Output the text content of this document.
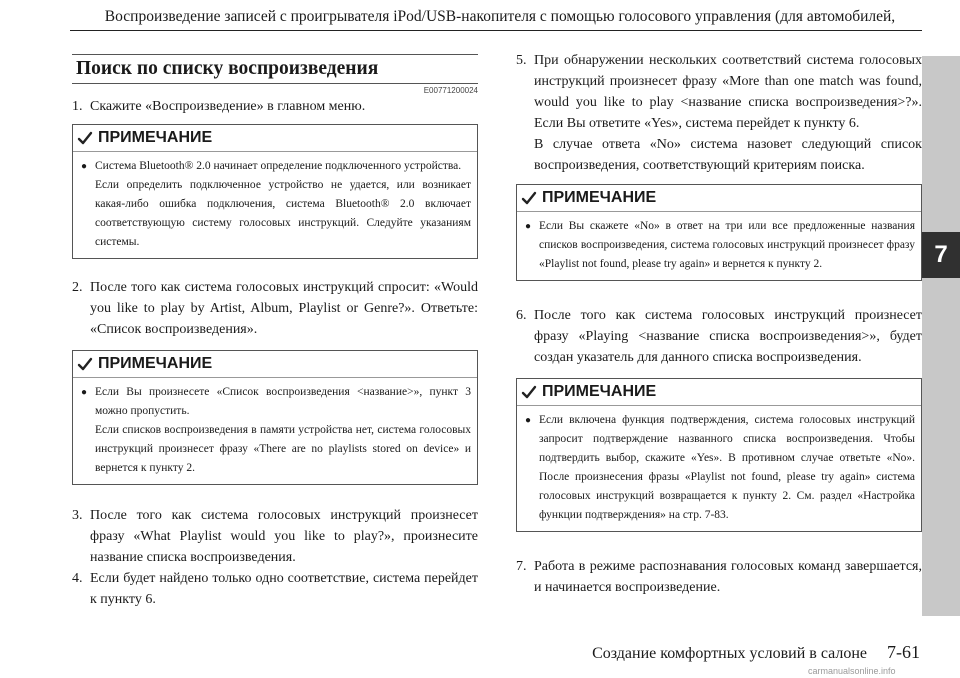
Воспроизведение записей с проигрывателя iPod/USB-накопителя с помощью голосового управления (для автомобилей,
7
Поиск по списку воспроизведения
E00771200024
1. Скажите «Воспроизведение» в главном меню.
ПРИМЕЧАНИЕ
● Система Bluetooth® 2.0 начинает определение подключенного устройства.
Если определить подключенное устройство не удается, или возникает какая-либо ошибка подключения, система Bluetooth® 2.0 включает соответствующую систему голосовых инструкций. Следуйте указаниям системы.
2. После того как система голосовых инструкций спросит: «Would you like to play by Artist, Album, Playlist or Genre?». Ответьте: «Список воспроизведения».
ПРИМЕЧАНИЕ
● Если Вы произнесете «Список воспроизведения <название>», пункт 3 можно пропустить.
Если списков воспроизведения в памяти устройства нет, система голосовых инструкций произнесет фразу «There are no playlists stored on device» и вернется к пункту 2.
3. После того как система голосовых инструкций произнесет фразу «What Playlist would you like to play?», произнесите название списка воспроизведения.
4. Если будет найдено только одно соответствие, система перейдет к пункту 6.
5. При обнаружении нескольких соответствий система голосовых инструкций произнесет фразу «More than one match was found, would you like to play <название списка воспроизведения>?». Если Вы ответите «Yes», система перейдет к пункту 6.
В случае ответа «No» система назовет следующий список воспроизведения, соответствующий критериям поиска.
ПРИМЕЧАНИЕ
● Если Вы скажете «No» в ответ на три или все предложенные названия списков воспроизведения, система голосовых инструкций произнесет фразу «Playlist not found, please try again» и вернется к пункту 2.
6. После того как система голосовых инструкций произнесет фразу «Playing <название списка воспроизведения>», будет создан указатель для данного списка воспроизведения.
ПРИМЕЧАНИЕ
● Если включена функция подтверждения, система голосовых инструкций запросит подтверждение названного списка воспроизведения. Чтобы подтвердить выбор, скажите «Yes». В противном случае ответьте «No». После произнесения фразы «Playlist not found, please try again» система голосовых инструкций возвращается к пункту 2. См. раздел «Настройка функции подтверждения» на стр. 7-83.
7. Работа в режиме распознавания голосовых команд завершается, и начинается воспроизведение.
Создание комфортных условий в салоне 7-61
carmanualsonline.info
